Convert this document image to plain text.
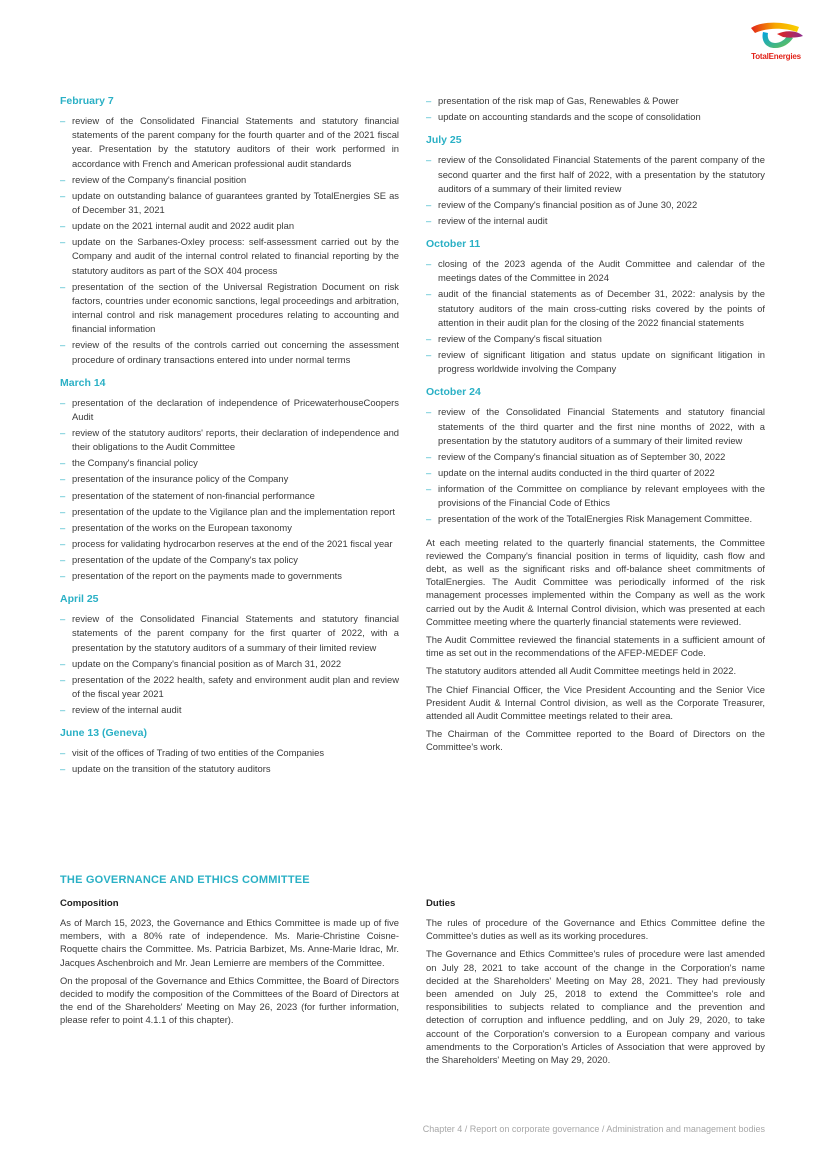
TotalEnergies
February 7
– review of the Consolidated Financial Statements and statutory financial statements of the parent company for the fourth quarter and of the 2021 fiscal year. Presentation by the statutory auditors of their work performed in accordance with French and American professional audit standards
– review of the Company's financial position
– update on outstanding balance of guarantees granted by TotalEnergies SE as of December 31, 2021
– update on the 2021 internal audit and 2022 audit plan
– update on the Sarbanes-Oxley process: self-assessment carried out by the Company and audit of the internal control related to financial reporting by the statutory auditors as part of the SOX 404 process
– presentation of the section of the Universal Registration Document on risk factors, countries under economic sanctions, legal proceedings and arbitration, internal control and risk management procedures relating to accounting and financial information
– review of the results of the controls carried out concerning the assessment procedure of ordinary transactions entered into under normal terms
March 14
– presentation of the declaration of independence of PricewaterhouseCoopers Audit
– review of the statutory auditors' reports, their declaration of independence and their obligations to the Audit Committee
– the Company's financial policy
– presentation of the insurance policy of the Company
– presentation of the statement of non-financial performance
– presentation of the update to the Vigilance plan and the implementation report
– presentation of the works on the European taxonomy
– process for validating hydrocarbon reserves at the end of the 2021 fiscal year
– presentation of the update of the Company's tax policy
– presentation of the report on the payments made to governments
April 25
– review of the Consolidated Financial Statements and statutory financial statements of the parent company for the first quarter of 2022, with a presentation by the statutory auditors of a summary of their limited review
– update on the Company's financial position as of March 31, 2022
– presentation of the 2022 health, safety and environment audit plan and review of the fiscal year 2021
– review of the internal audit
June 13 (Geneva)
– visit of the offices of Trading of two entities of the Companies
– update on the transition of the statutory auditors
– presentation of the risk map of Gas, Renewables & Power
– update on accounting standards and the scope of consolidation
July 25
– review of the Consolidated Financial Statements of the parent company of the second quarter and the first half of 2022, with a presentation by the statutory auditors of a summary of their limited review
– review of the Company's financial position as of June 30, 2022
– review of the internal audit
October 11
– closing of the 2023 agenda of the Audit Committee and calendar of the meetings dates of the Committee in 2024
– audit of the financial statements as of December 31, 2022: analysis by the statutory auditors of the main cross-cutting risks covered by the points of attention in their audit plan for the closing of the 2022 financial statements
– review of the Company's fiscal situation
– review of significant litigation and status update on significant litigation in progress worldwide involving the Company
October 24
– review of the Consolidated Financial Statements and statutory financial statements of the third quarter and the first nine months of 2022, with a presentation by the statutory auditors of a summary of their limited review
– review of the Company's financial situation as of September 30, 2022
– update on the internal audits conducted in the third quarter of 2022
– information of the Committee on compliance by relevant employees with the provisions of the Financial Code of Ethics
– presentation of the work of the TotalEnergies Risk Management Committee.

At each meeting related to the quarterly financial statements, the Committee reviewed the Company's financial position in terms of liquidity, cash flow and debt, as well as the significant risks and off-balance sheet commitments of TotalEnergies. The Audit Committee was periodically informed of the risk management processes implemented within the Company as well as the work carried out by the Audit & Internal Control division, which was presented at each Committee meeting where the quarterly financial statements were reviewed.

The Audit Committee reviewed the financial statements in a sufficient amount of time as set out in the recommendations of the AFEP-MEDEF Code.

The statutory auditors attended all Audit Committee meetings held in 2022.

The Chief Financial Officer, the Vice President Accounting and the Senior Vice President Audit & Internal Control division, as well as the Corporate Treasurer, attended all Audit Committee meetings related to their area.

The Chairman of the Committee reported to the Board of Directors on the Committee's work.

THE GOVERNANCE AND ETHICS COMMITTEE
Composition

As of March 15, 2023, the Governance and Ethics Committee is made up of five members, with a 80% rate of independence. Ms. Marie-Christine Coisne-Roquette chairs the Committee. Ms. Patricia Barbizet, Ms. Anne-Marie Idrac, Mr. Jacques Aschenbroich and Mr. Jean Lemierre are members of the Committee.

On the proposal of the Governance and Ethics Committee, the Board of Directors decided to modify the composition of the Committees of the Board of Directors at the end of the Shareholders' Meeting on May 26, 2023 (for further information, please refer to point 4.1.1 of this chapter).

Duties

The rules of procedure of the Governance and Ethics Committee define the Committee's duties as well as its working procedures.

The Governance and Ethics Committee's rules of procedure were last amended on July 28, 2021 to take account of the change in the Corporation's name decided at the Shareholders' Meeting on May 28, 2021. They had previously been amended on July 25, 2018 to extend the Committee's role and responsibilities to subjects related to compliance and the prevention and detection of corruption and influence peddling, and on July 29, 2020, to take account of the Corporation's conversion to a European company and various amendments to the Corporation's Articles of Association that were approved by the Shareholders' Meeting on May 29, 2020.

Chapter 4 / Report on corporate governance / Administration and management bodies
